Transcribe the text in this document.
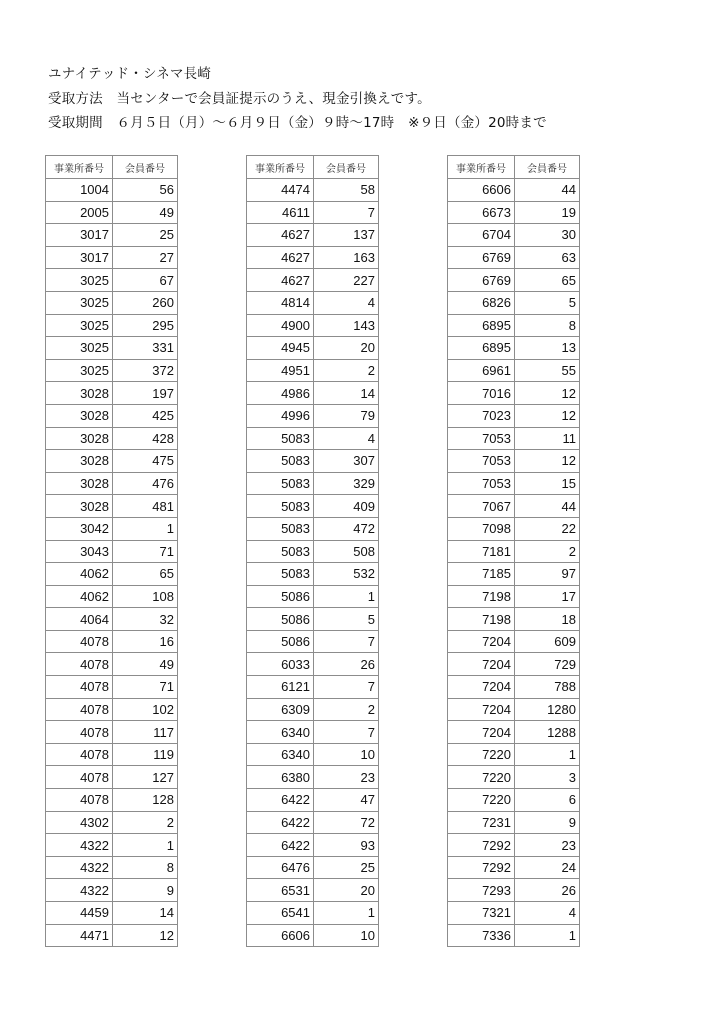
ユナイテッド・シネマ長崎
受取方法　当センターで会員証提示のうえ、現金引換えです。
受取期間　６月５日（月）〜６月９日（金）９時〜17時　※９日（金）20時まで
事業所番号	会員番号
1004	56
2005	49
3017	25
3017	27
3025	67
3025	260
3025	295
3025	331
3025	372
3028	197
3028	425
3028	428
3028	475
3028	476
3028	481
3042	1
3043	71
4062	65
4062	108
4064	32
4078	16
4078	49
4078	71
4078	102
4078	117
4078	119
4078	127
4078	128
4302	2
4322	1
4322	8
4322	9
4459	14
4471	12
事業所番号	会員番号
4474	58
4611	7
4627	137
4627	163
4627	227
4814	4
4900	143
4945	20
4951	2
4986	14
4996	79
5083	4
5083	307
5083	329
5083	409
5083	472
5083	508
5083	532
5086	1
5086	5
5086	7
6033	26
6121	7
6309	2
6340	7
6340	10
6380	23
6422	47
6422	72
6422	93
6476	25
6531	20
6541	1
6606	10
事業所番号	会員番号
6606	44
6673	19
6704	30
6769	63
6769	65
6826	5
6895	8
6895	13
6961	55
7016	12
7023	12
7053	11
7053	12
7053	15
7067	44
7098	22
7181	2
7185	97
7198	17
7198	18
7204	609
7204	729
7204	788
7204	1280
7204	1288
7220	1
7220	3
7220	6
7231	9
7292	23
7292	24
7293	26
7321	4
7336	1
